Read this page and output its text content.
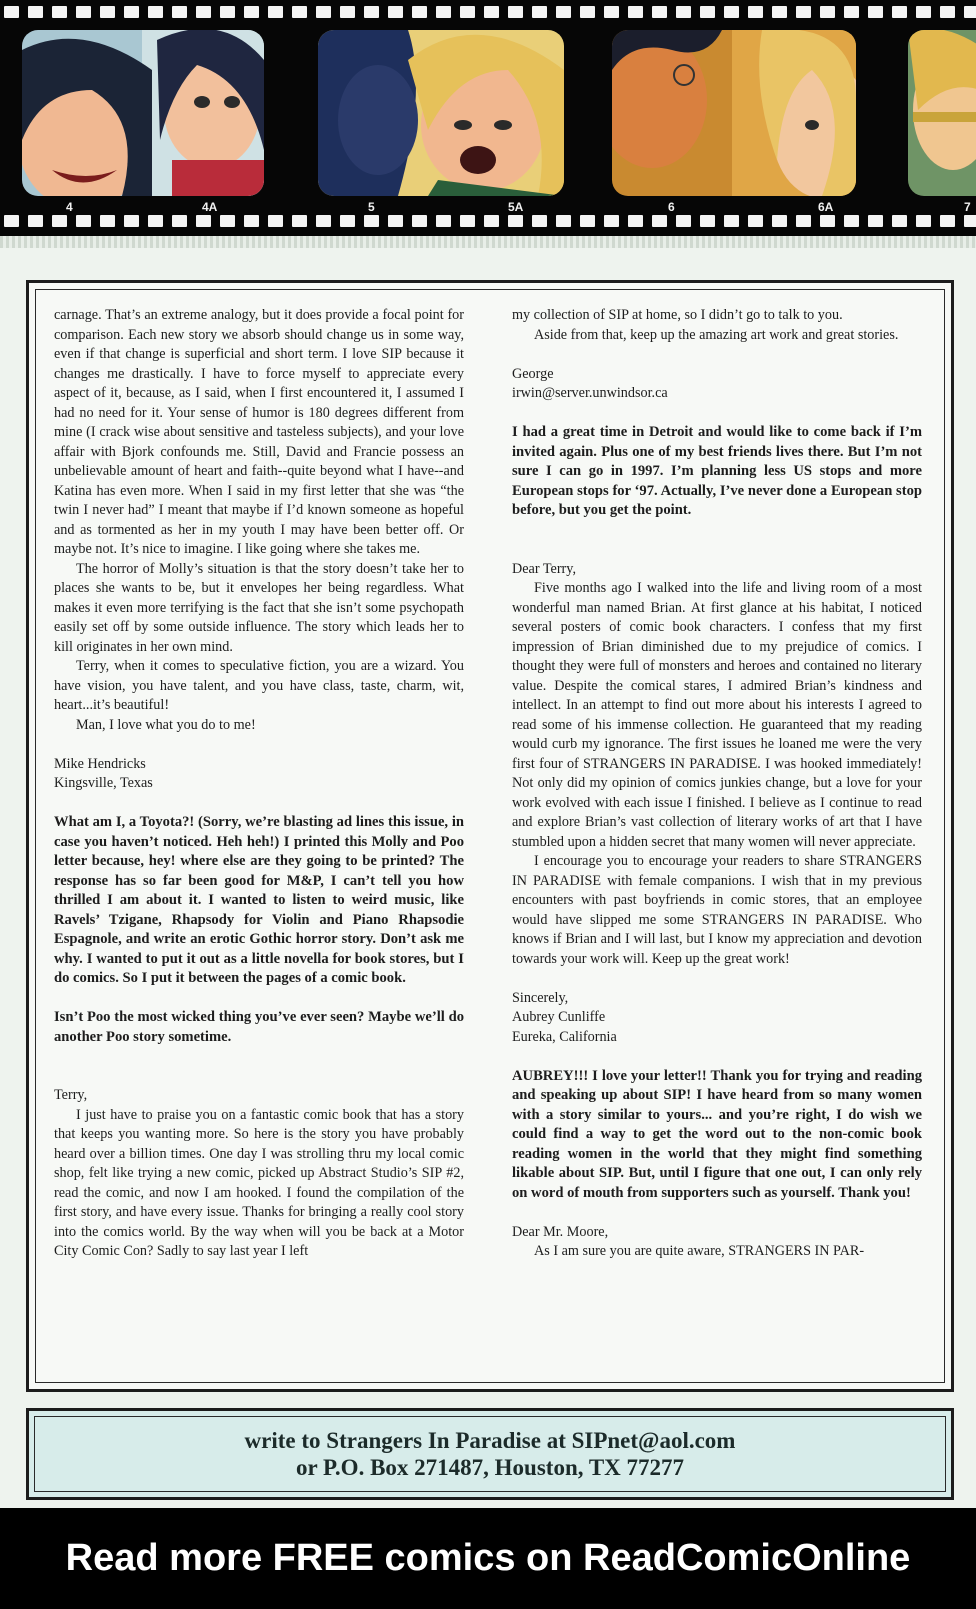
4	4A	5	5A	6	6A	7

carnage. That’s an extreme analogy, but it does provide a focal point for comparison. Each new story we absorb should change us in some way, even if that change is superficial and short term. I love SIP because it changes me drastically. I have to force myself to appreciate every aspect of it, because, as I said, when I first encountered it, I assumed I had no need for it. Your sense of humor is 180 degrees different from mine (I crack wise about sensitive and tasteless subjects), and your love affair with Bjork confounds me. Still, David and Francie possess an unbelievable amount of heart and faith--quite beyond what I have--and Katina has even more. When I said in my first letter that she was “the twin I never had” I meant that maybe if I’d known someone as hopeful and as tormented as her in my youth I may have been better off. Or maybe not. It’s nice to imagine. I like going where she takes me.

The horror of Molly’s situation is that the story doesn’t take her to places she wants to be, but it envelopes her being regardless. What makes it even more terrifying is the fact that she isn’t some psychopath easily set off by some outside influence. The story which leads her to kill originates in her own mind.

Terry, when it comes to speculative fiction, you are a wizard. You have vision, you have talent, and you have class, taste, charm, wit, heart...it’s beautiful!

Man, I love what you do to me!

Mike Hendricks

Kingsville, Texas

What am I, a Toyota?! (Sorry, we’re blasting ad lines this issue, in case you haven’t noticed. Heh heh!) I printed this Molly and Poo letter because, hey! where else are they going to be printed? The response has so far been good for M&P, I can’t tell you how thrilled I am about it. I wanted to listen to weird music, like Ravels’ Tzigane, Rhapsody for Violin and Piano Rhapsodie Espagnole, and write an erotic Gothic horror story. Don’t ask me why. I wanted to put it out as a little novella for book stores, but I do comics. So I put it between the pages of a comic book.

Isn’t Poo the most wicked thing you’ve ever seen? Maybe we’ll do another Poo story sometime.

Terry,

I just have to praise you on a fantastic comic book that has a story that keeps you wanting more. So here is the story you have probably heard over a billion times. One day I was strolling thru my local comic shop, felt like trying a new comic, picked up Abstract Studio’s SIP #2, read the comic, and now I am hooked. I found the compilation of the first story, and have every issue. Thanks for bringing a really cool story into the comics world. By the way when will you be back at a Motor City Comic Con? Sadly to say last year I left

my collection of SIP at home, so I didn’t go to talk to you.

Aside from that, keep up the amazing art work and great stories.

George

irwin@server.unwindsor.ca

I had a great time in Detroit and would like to come back if I’m invited again. Plus one of my best friends lives there. But I’m not sure I can go in 1997. I’m planning less US stops and more European stops for ‘97. Actually, I’ve never done a European stop before, but you get the point.

Dear Terry,

Five months ago I walked into the life and living room of a most wonderful man named Brian. At first glance at his habitat, I noticed several posters of comic book characters. I confess that my first impression of Brian diminished due to my prejudice of comics. I thought they were full of monsters and heroes and contained no literary value. Despite the comical stares, I admired Brian’s kindness and intellect. In an attempt to find out more about his interests I agreed to read some of his immense collection. He guaranteed that my reading would curb my ignorance. The first issues he loaned me were the very first four of STRANGERS IN PARADISE. I was hooked immediately! Not only did my opinion of comics junkies change, but a love for your work evolved with each issue I finished. I believe as I continue to read and explore Brian’s vast collection of literary works of art that I have stumbled upon a hidden secret that many women will never appreciate.

I encourage you to encourage your readers to share STRANGERS IN PARADISE with female companions. I wish that in my previous encounters with past boyfriends in comic stores, that an employee would have slipped me some STRANGERS IN PARADISE. Who knows if Brian and I will last, but I know my appreciation and devotion towards your work will. Keep up the great work!

Sincerely,

Aubrey Cunliffe

Eureka, California

AUBREY!!! I love your letter!! Thank you for trying and reading and speaking up about SIP! I have heard from so many women with a story similar to yours... and you’re right, I do wish we could find a way to get the word out to the non-comic book reading women in the world that they might find something likable about SIP. But, until I figure that one out, I can only rely on word of mouth from supporters such as yourself. Thank you!

Dear Mr. Moore,

As I am sure you are quite aware, STRANGERS IN PAR-

write to Strangers In Paradise at SIPnet@aol.com
or P.O. Box 271487, Houston, TX 77277
Read more FREE comics on ReadComicOnline
